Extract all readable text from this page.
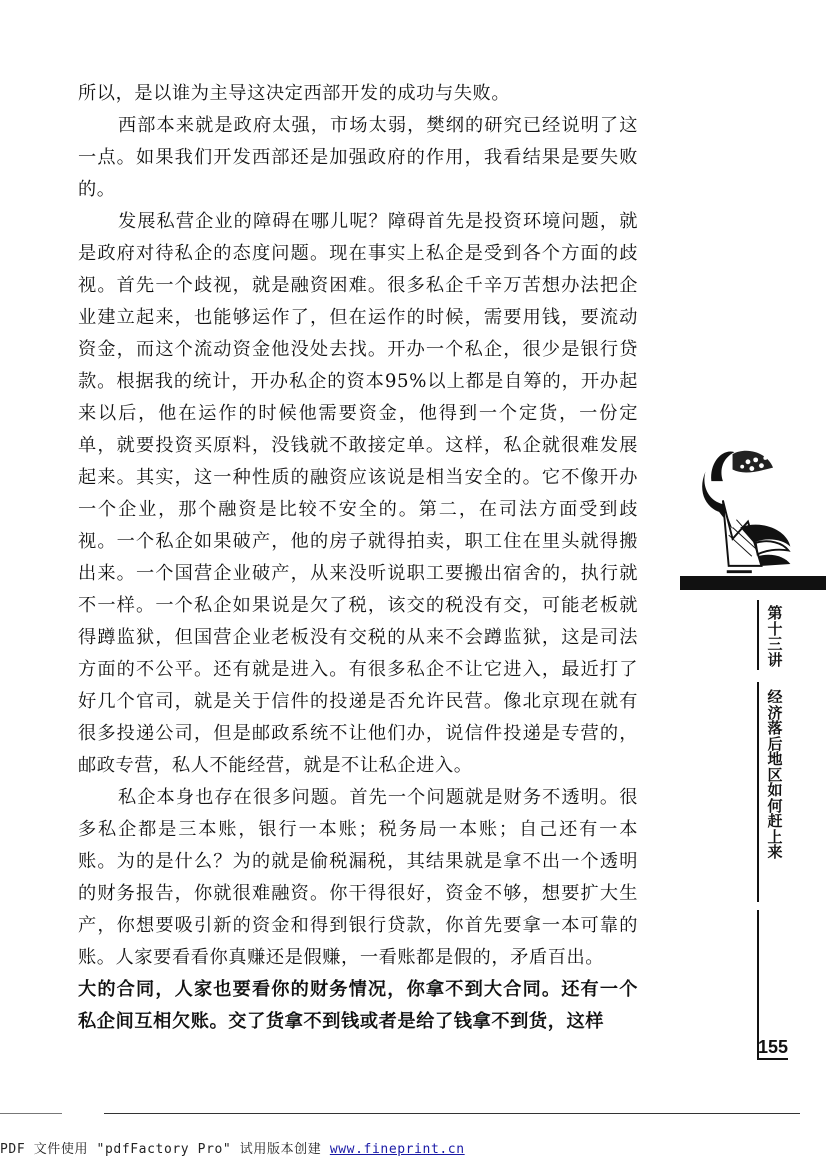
所以，是以谁为主导这决定西部开发的成功与失败。

西部本来就是政府太强，市场太弱，樊纲的研究已经说明了这一点。如果我们开发西部还是加强政府的作用，我看结果是要失败的。

发展私营企业的障碍在哪儿呢？障碍首先是投资环境问题，就是政府对待私企的态度问题。现在事实上私企是受到各个方面的歧视。首先一个歧视，就是融资困难。很多私企千辛万苦想办法把企业建立起来，也能够运作了，但在运作的时候，需要用钱，要流动资金，而这个流动资金他没处去找。开办一个私企，很少是银行贷款。根据我的统计，开办私企的资本95%以上都是自筹的，开办起来以后，他在运作的时候他需要资金，他得到一个定货，一份定单，就要投资买原料，没钱就不敢接定单。这样，私企就很难发展起来。其实，这一种性质的融资应该说是相当安全的。它不像开办一个企业，那个融资是比较不安全的。第二，在司法方面受到歧视。一个私企如果破产，他的房子就得拍卖，职工住在里头就得搬出来。一个国营企业破产，从来没听说职工要搬出宿舍的，执行就不一样。一个私企如果说是欠了税，该交的税没有交，可能老板就得蹲监狱，但国营企业老板没有交税的从来不会蹲监狱，这是司法方面的不公平。还有就是进入。有很多私企不让它进入，最近打了好几个官司，就是关于信件的投递是否允许民营。像北京现在就有很多投递公司，但是邮政系统不让他们办，说信件投递是专营的，邮政专营，私人不能经营，就是不让私企进入。

私企本身也存在很多问题。首先一个问题就是财务不透明。很多私企都是三本账，银行一本账；税务局一本账；自己还有一本账。为的是什么？为的就是偷税漏税，其结果就是拿不出一个透明的财务报告，你就很难融资。你干得很好，资金不够，想要扩大生产，你想要吸引新的资金和得到银行贷款，你首先要拿一本可靠的账。人家要看看你真赚还是假赚，一看账都是假的，矛盾百出。

大的合同，人家也要看你的财务情况，你拿不到大合同。还有一个私企间互相欠账。交了货拿不到钱或者是给了钱拿不到货，这样

第十三讲
经济落后地区如何赶上来
155
PDF 文件使用 "pdfFactory Pro" 试用版本创建 www.fineprint.cn
